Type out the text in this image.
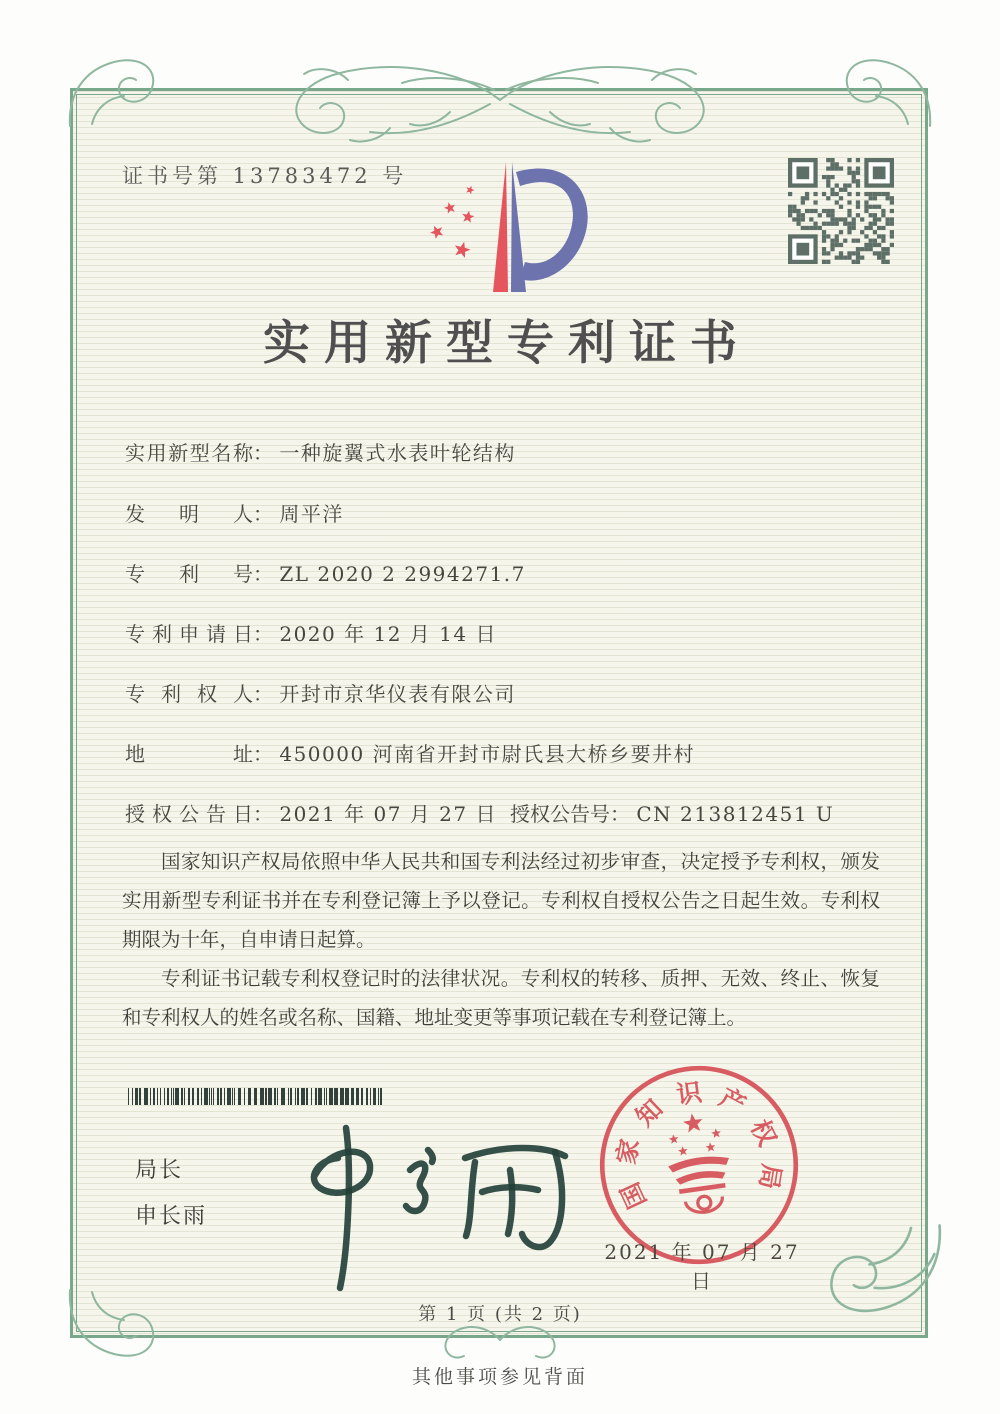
证书号第 13783472 号
实用新型专利证书
实用新型名称： 一种旋翼式水表叶轮结构
发明人： 周平洋
专利号： ZL 2020 2 2994271.7
专利申请日： 2020 年 12 月 14 日
专利权人： 开封市京华仪表有限公司
地址： 450000 河南省开封市尉氏县大桥乡要井村
授权公告日： 2021 年 07 月 27 日 授权公告号： CN 213812451 U

国家知识产权局依照中华人民共和国专利法经过初步审查，决定授予专利权，颁发实用新型专利证书并在专利登记簿上予以登记。专利权自授权公告之日起生效。专利权期限为十年，自申请日起算。

专利证书记载专利权登记时的法律状况。专利权的转移、质押、无效、终止、恢复和专利权人的姓名或名称、国籍、地址变更等事项记载在专利登记簿上。

局长
申长雨
国
家
知 识 产
权
局
2021 年 07 月 27 日
第 1 页 (共 2 页)
其他事项参见背面
